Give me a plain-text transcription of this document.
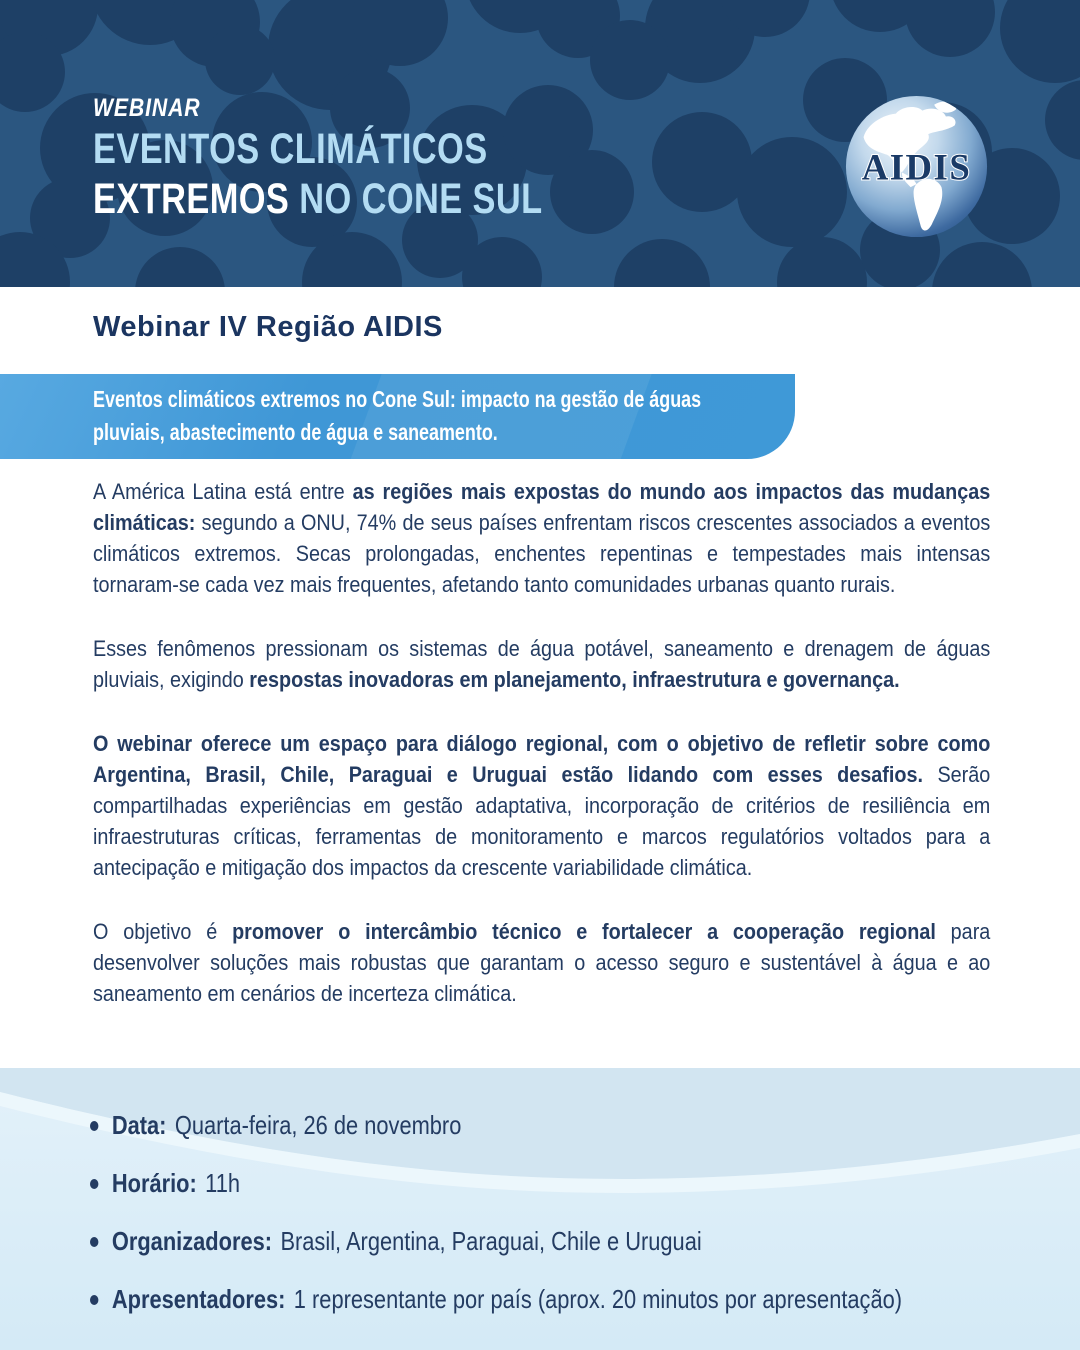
WEBINAR
EVENTOS CLIMÁTICOS
EXTREMOS NO CONE SUL
AIDIS
Webinar IV Região AIDIS
Eventos climáticos extremos no Cone Sul: impacto na gestão de águas pluviais, abastecimento de água e saneamento.

A América Latina está entre as regiões mais expostas do mundo aos impactos das mudanças climáticas: segundo a ONU, 74% de seus países enfrentam riscos crescentes associados a eventos climáticos extremos. Secas prolongadas, enchentes repentinas e tempestades mais intensas tornaram-se cada vez mais frequentes, afetando tanto comunidades urbanas quanto rurais.

Esses fenômenos pressionam os sistemas de água potável, saneamento e drenagem de águas pluviais, exigindo respostas inovadoras em planejamento, infraestrutura e governança.

O webinar oferece um espaço para diálogo regional, com o objetivo de refletir sobre como Argentina, Brasil, Chile, Paraguai e Uruguai estão lidando com esses desafios. Serão compartilhadas experiências em gestão adaptativa, incorporação de critérios de resiliência em infraestruturas críticas, ferramentas de monitoramento e marcos regulatórios voltados para a antecipação e mitigação dos impactos da crescente variabilidade climática.

O objetivo é promover o intercâmbio técnico e fortalecer a cooperação regional para desenvolver soluções mais robustas que garantam o acesso seguro e sustentável à água e ao saneamento em cenários de incerteza climática.

Data: Quarta-feira, 26 de novembro
Horário: 11h
Organizadores: Brasil, Argentina, Paraguai, Chile e Uruguai
Apresentadores: 1 representante por país (aprox. 20 minutos por apresentação)
